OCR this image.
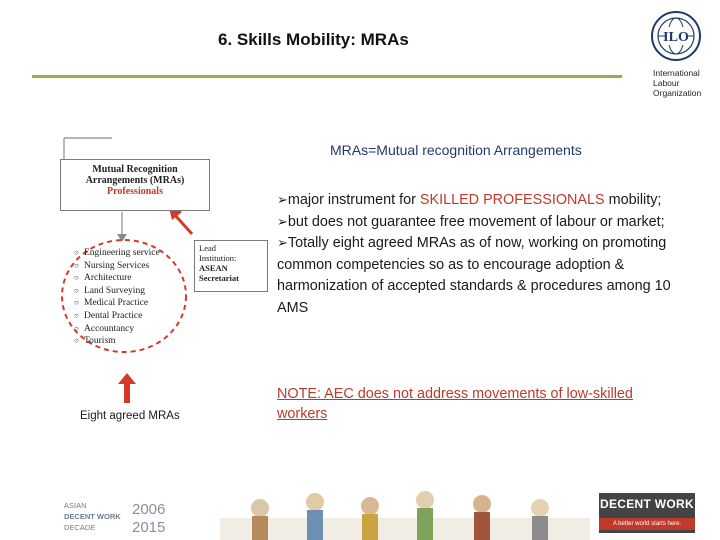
6. Skills Mobility: MRAs	ILO
International
Labour
Organization
Mutual Recognition
Arrangements (MRAs)
Professionals
○ Engineering service
○ Nursing Services
○ Architecture
○ Land Surveying
○ Medical Practice
○ Dental Practice
○ Accountancy
○ Tourism
Lead
Institution:
ASEAN
Secretariat
Eight agreed MRAs
MRAs=Mutual recognition Arrangements
➢major instrument for SKILLED PROFESSIONALS mobility;
➢but does not guarantee free movement of labour or market;
➢Totally eight agreed MRAs as of now, working on promoting common competencies so as to encourage adoption & harmonization of accepted standards & procedures among 10 AMS
NOTE: AEC does not address movements of low-skilled workers
ASIAN
DECENT WORK
DECADE
2006
2015
DECENT WORK
A better world starts here.
